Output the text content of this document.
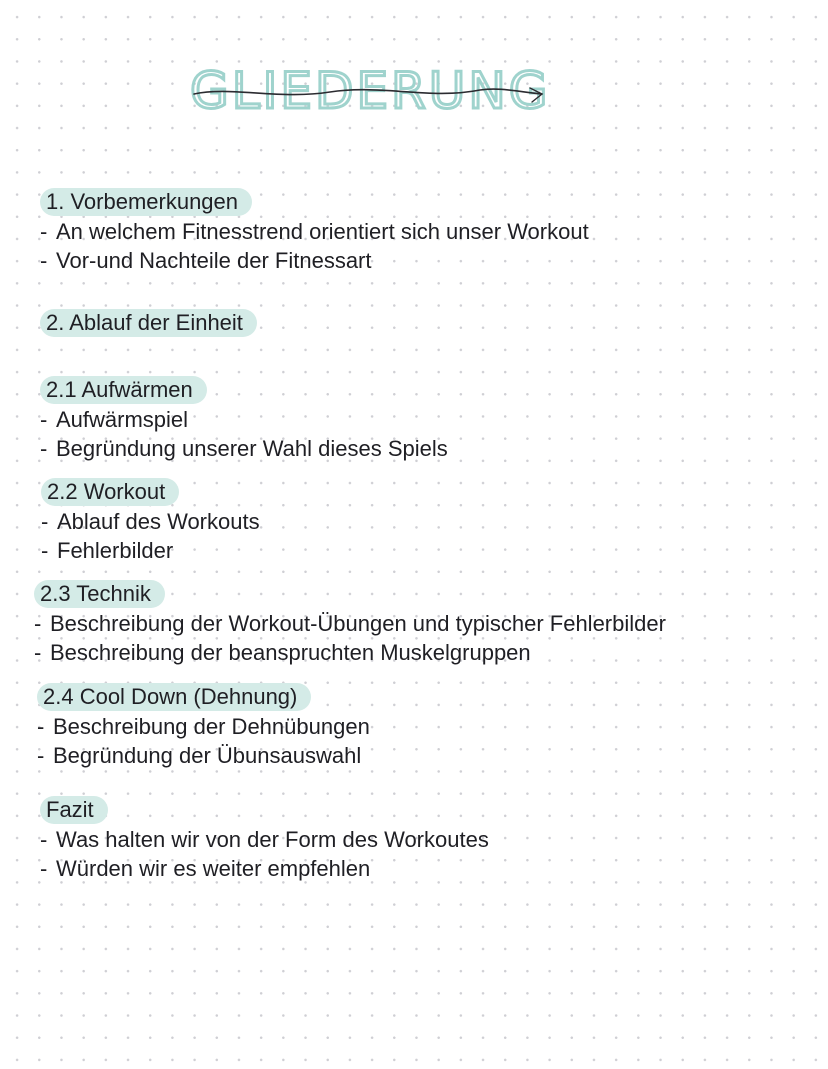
GLIEDERUNG
1. Vorbemerkungen
- An welchem Fitnesstrend orientiert sich unser Workout
- Vor-und Nachteile der Fitnessart
2. Ablauf der Einheit
2.1 Aufwärmen
- Aufwärmspiel
- Begründung unserer Wahl dieses Spiels
2.2 Workout
- Ablauf des Workouts
- Fehlerbilder
2.3 Technik
- Beschreibung der Workout-Übungen und typischer Fehlerbilder
- Beschreibung der beanspruchten Muskelgruppen
2.4 Cool Down (Dehnung)
- Beschreibung der Dehnübungen
- Begründung der Übunsauswahl
Fazit
- Was halten wir von der Form des Workoutes
- Würden wir es weiter empfehlen
